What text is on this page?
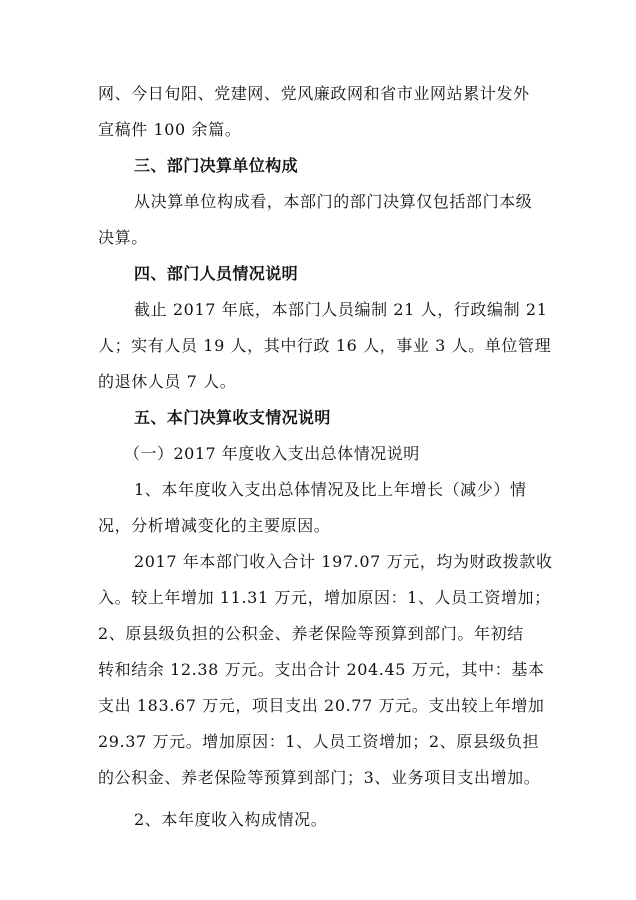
网、今日旬阳、党建网、党风廉政网和省市业网站累计发外
宣稿件 100 余篇。
三、部门决算单位构成
从决算单位构成看，本部门的部门决算仅包括部门本级
决算。
四、部门人员情况说明
截止 2017 年底，本部门人员编制 21 人，行政编制 21
人；实有人员 19 人，其中行政 16 人，事业 3 人。单位管理
的退休人员 7 人。
五、本门决算收支情况说明
（一）2017 年度收入支出总体情况说明
1、本年度收入支出总体情况及比上年增长（减少）情
况，分析增减变化的主要原因。
2017 年本部门收入合计 197.07 万元，均为财政拨款收
入。较上年增加 11.31 万元，增加原因：1、人员工资增加；
2、原县级负担的公积金、养老保险等预算到部门。年初结
转和结余 12.38 万元。支出合计 204.45 万元，其中：基本
支出 183.67 万元，项目支出 20.77 万元。支出较上年增加
29.37 万元。增加原因：1、人员工资增加；2、原县级负担
的公积金、养老保险等预算到部门；3、业务项目支出增加。
2、本年度收入构成情况。
